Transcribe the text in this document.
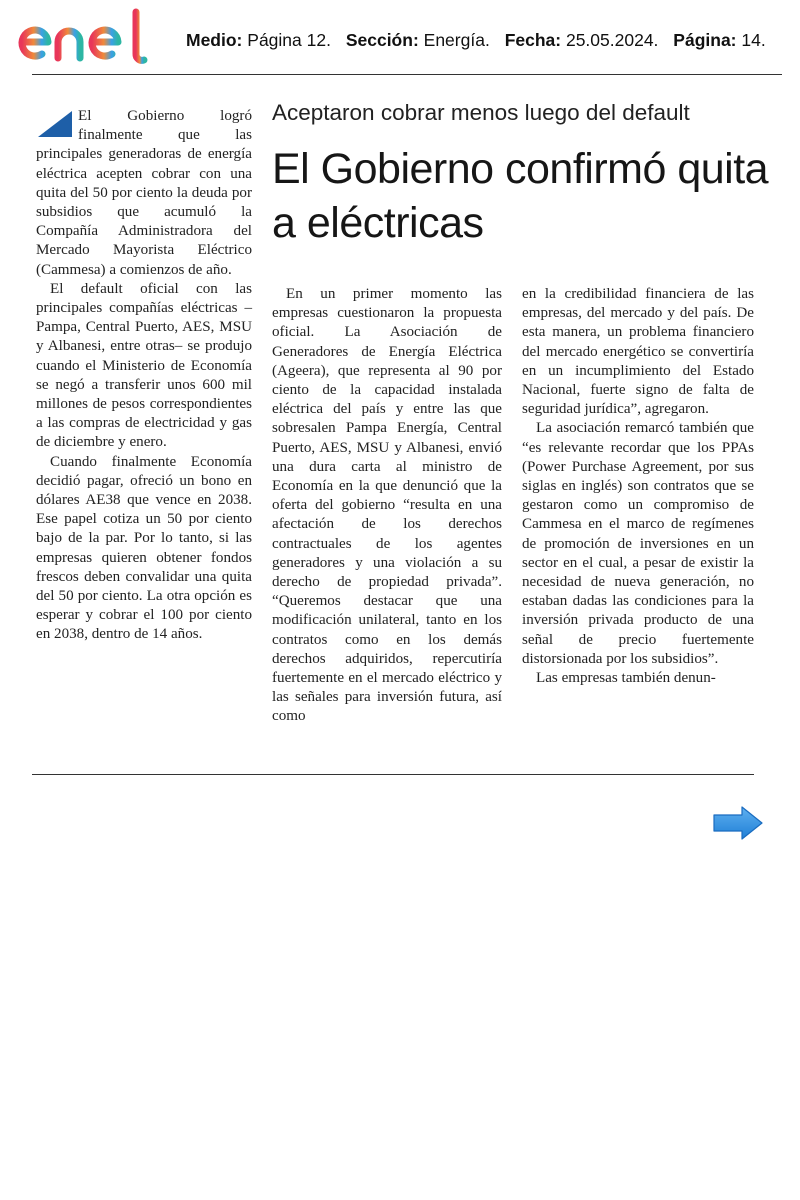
Medio: Página 12. Sección: Energía. Fecha: 25.05.2024. Página: 14.

El Gobierno logró finalmente que las principales generadoras de energía eléctrica acepten cobrar con una quita del 50 por ciento la deuda por subsidios que acumuló la Compañía Administradora del Mercado Mayorista Eléctrico (Cammesa) a comienzos de año.

El default oficial con las principales compañías eléctricas –Pampa, Central Puerto, AES, MSU y Albanesi, entre otras– se produjo cuando el Ministerio de Economía se negó a transferir unos 600 mil millones de pesos correspondientes a las compras de electricidad y gas de diciembre y enero.

Cuando finalmente Economía decidió pagar, ofreció un bono en dólares AE38 que vence en 2038. Ese papel cotiza un 50 por ciento bajo de la par. Por lo tanto, si las empresas quieren obtener fondos frescos deben convalidar una quita del 50 por ciento. La otra opción es esperar y cobrar el 100 por ciento en 2038, dentro de 14 años.

Aceptaron cobrar menos luego del default
El Gobierno confirmó quita a eléctricas

En un primer momento las empresas cuestionaron la propuesta oficial. La Asociación de Generadores de Energía Eléctrica (Ageera), que representa al 90 por ciento de la capacidad instalada eléctrica del país y entre las que sobresalen Pampa Energía, Central Puerto, AES, MSU y Albanesi, envió una dura carta al ministro de Economía en la que denunció que la oferta del gobierno “resulta en una afectación de los derechos contractuales de los agentes generadores y una violación a su derecho de propiedad privada”. “Queremos destacar que una modificación unilateral, tanto en los contratos como en los demás derechos adquiridos, repercutiría fuertemente en el mercado eléctrico y las señales para inversión futura, así como

en la credibilidad financiera de las empresas, del mercado y del país. De esta manera, un problema financiero del mercado energético se convertiría en un incumplimiento del Estado Nacional, fuerte signo de falta de seguridad jurídica”, agregaron.

La asociación remarcó también que “es relevante recordar que los PPAs (Power Purchase Agreement, por sus siglas en inglés) son contratos que se gestaron como un compromiso de Cammesa en el marco de regímenes de promoción de inversiones en un sector en el cual, a pesar de existir la necesidad de nueva generación, no estaban dadas las condiciones para la inversión privada producto de una señal de precio fuertemente distorsionada por los subsidios”.

Las empresas también denun-
